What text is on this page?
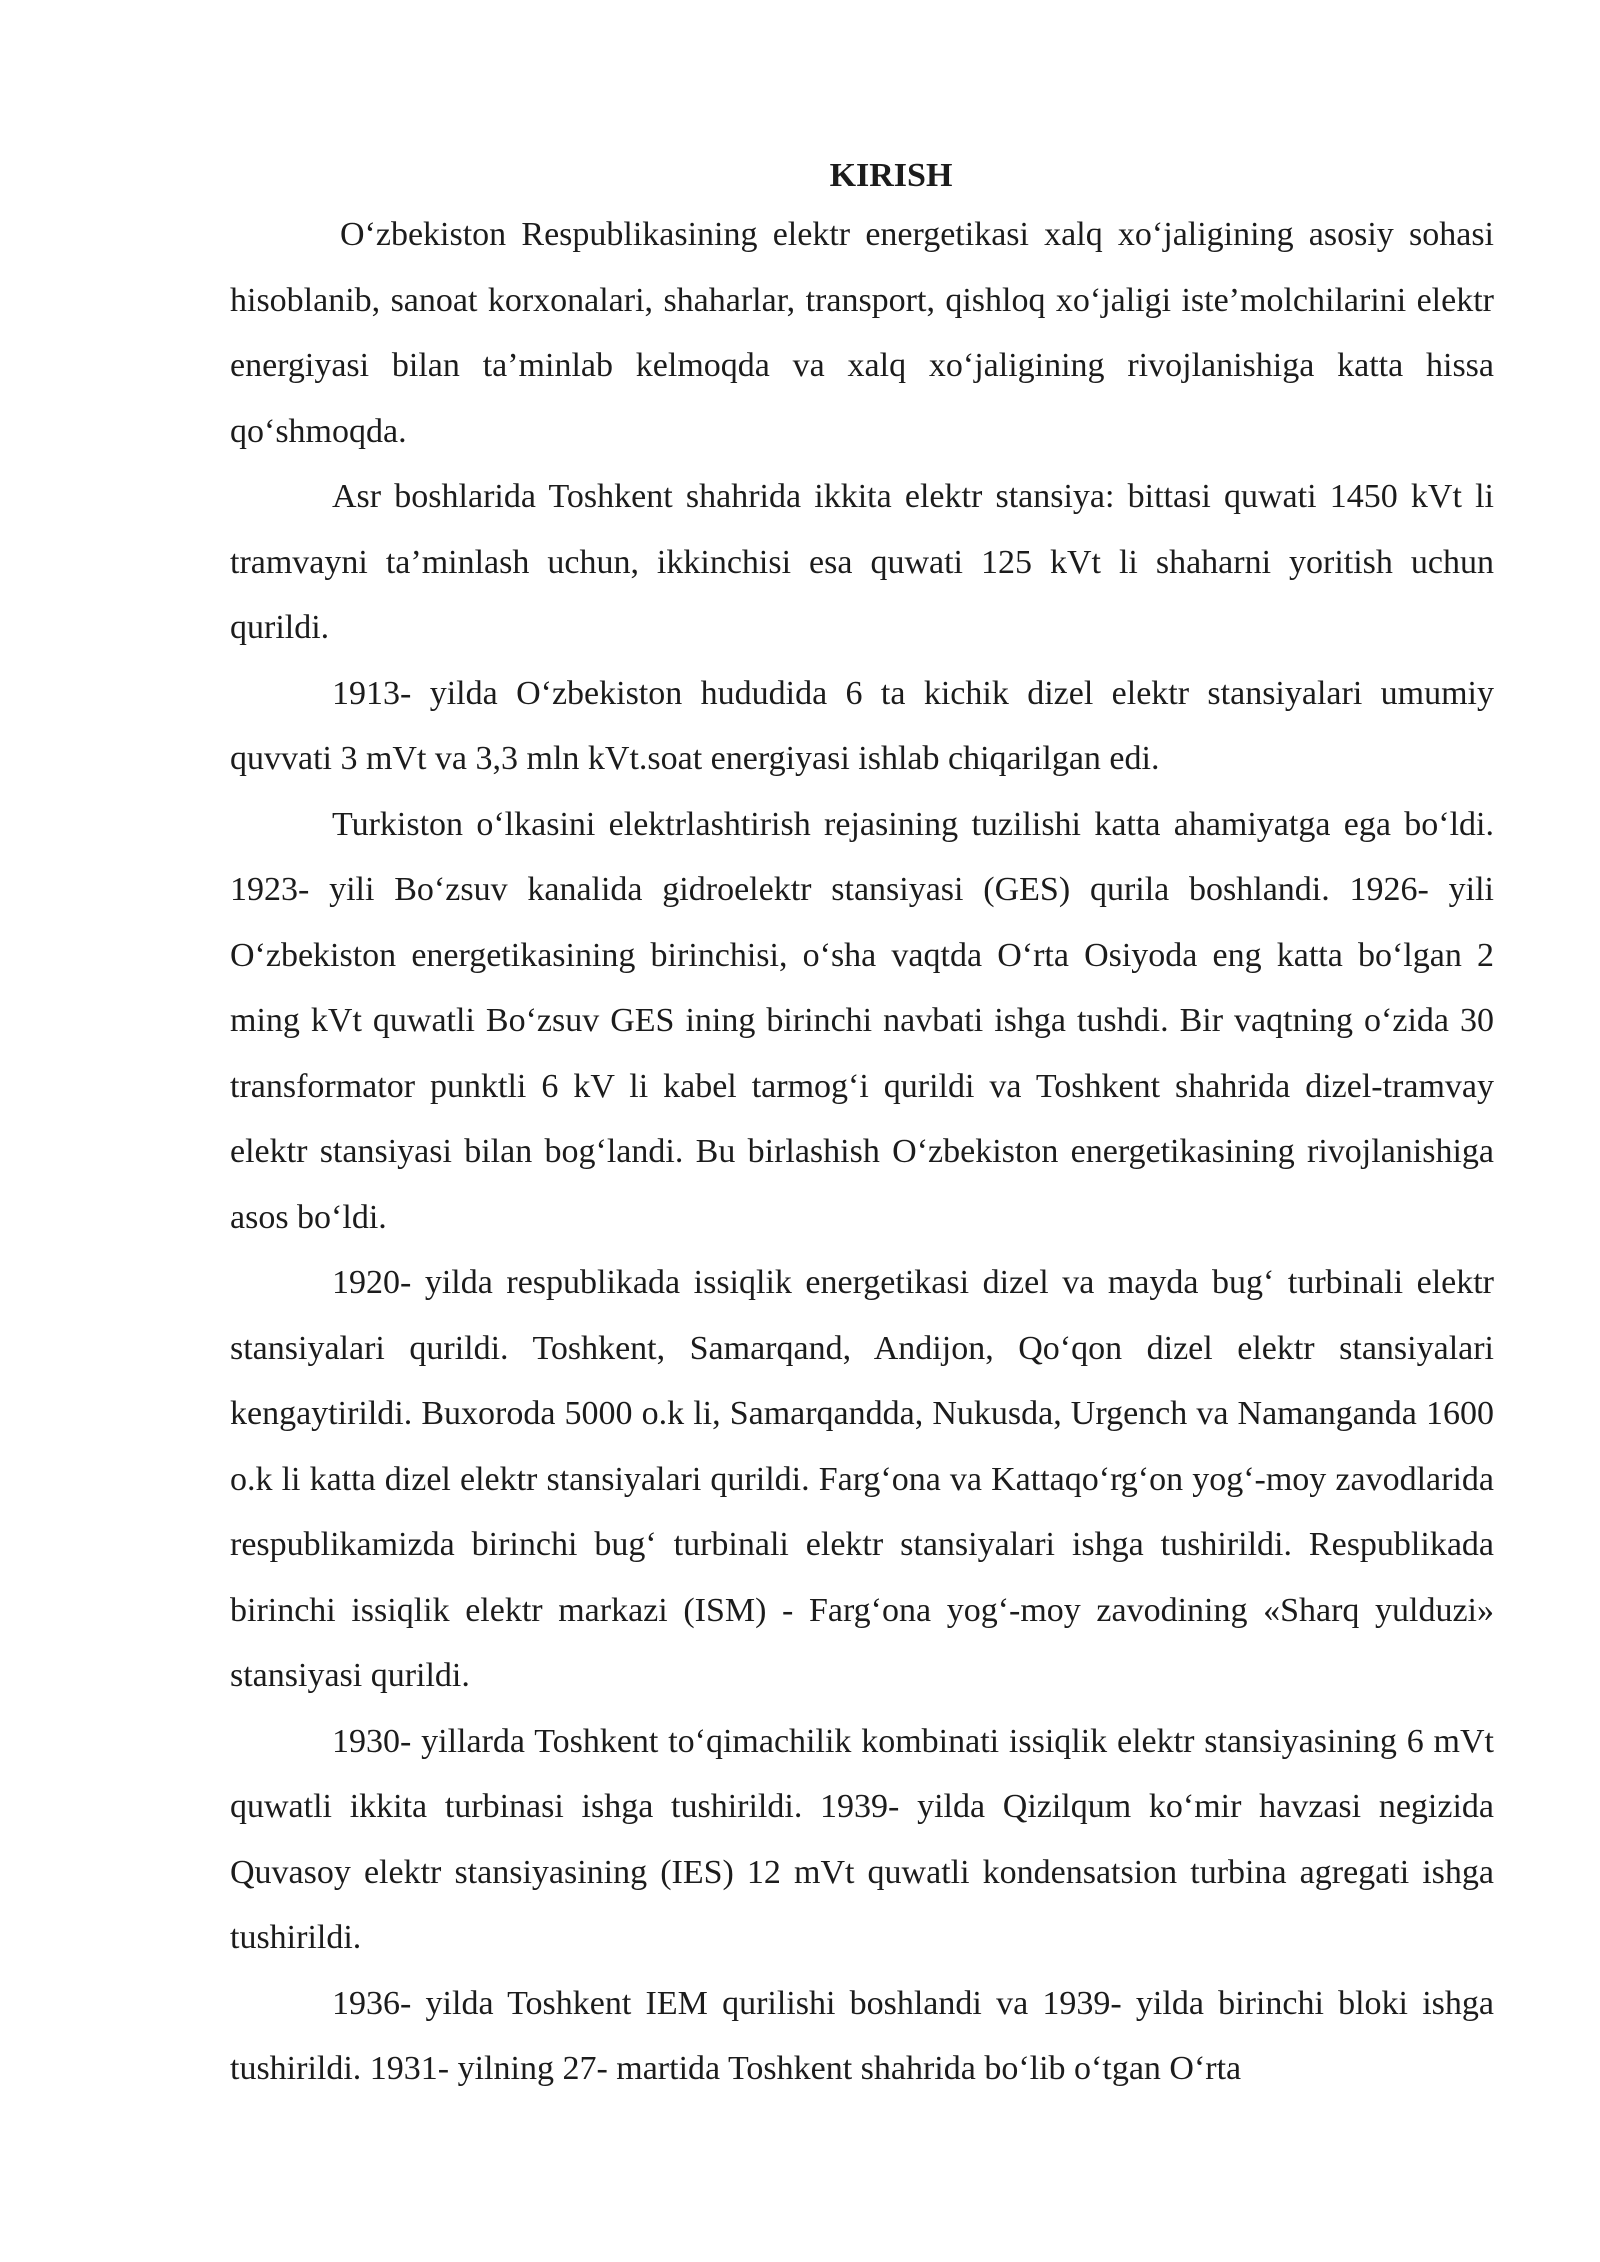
KIRISH

O‘zbekiston Respublikasining elektr energetikasi xalq xo‘jaligining asosiy sohasi hisoblanib, sanoat korxonalari, shaharlar, transport, qishloq xo‘jaligi iste’molchilarini elektr energiyasi bilan ta’minlab kelmoqda va xalq xo‘jaligining rivojlanishiga katta hissa qo‘shmoqda.

Asr boshlarida Toshkent shahrida ikkita elektr stansiya: bittasi quwati 1450 kVt li tramvayni ta’minlash uchun, ikkinchisi esa quwati 125 kVt li shaharni yoritish uchun qurildi.

1913- yilda O‘zbekiston hududida 6 ta kichik dizel elektr stansiyalari umumiy quvvati 3 mVt va 3,3 mln kVt.soat energiyasi ishlab chiqarilgan edi.

Turkiston o‘lkasini elektrlashtirish rejasining tuzilishi katta ahamiyatga ega bo‘ldi. 1923- yili Bo‘zsuv kanalida gidroelektr stansiyasi (GES) qurila boshlandi. 1926- yili O‘zbekiston energetikasining birinchisi, o‘sha vaqtda O‘rta Osiyoda eng katta bo‘lgan 2 ming kVt quwatli Bo‘zsuv GES ining birinchi navbati ishga tushdi. Bir vaqtning o‘zida 30 transformator punktli 6 kV li kabel tarmog‘i qurildi va Toshkent shahrida dizel-tramvay elektr stansiyasi bilan bog‘landi. Bu birlashish O‘zbekiston energetikasining rivojlanishiga asos bo‘ldi.

1920- yilda respublikada issiqlik energetikasi dizel va mayda bug‘ turbinali elektr stansiyalari qurildi. Toshkent, Samarqand, Andijon, Qo‘qon dizel elektr stansiyalari kengaytirildi. Buxoroda 5000 o.k li, Samarqandda, Nukusda, Urgench va Namanganda 1600 o.k li katta dizel elektr stansiyalari qurildi. Farg‘ona va Kattaqo‘rg‘on yog‘-moy zavodlarida respublikamizda birinchi bug‘ turbinali elektr stansiyalari ishga tushirildi. Respublikada birinchi issiqlik elektr markazi (ISM) - Farg‘ona yog‘-moy zavodining «Sharq yulduzi» stansiyasi qurildi.

1930- yillarda Toshkent to‘qimachilik kombinati issiqlik elektr stansiyasining 6 mVt quwatli ikkita turbinasi ishga tushirildi. 1939- yilda Qizilqum ko‘mir havzasi negizida Quvasoy elektr stansiyasining (IES) 12 mVt quwatli kondensatsion turbina agregati ishga tushirildi.

1936- yilda Toshkent IEM qurilishi boshlandi va 1939- yilda birinchi bloki ishga tushirildi. 1931- yilning 27- martida Toshkent shahrida bo‘lib o‘tgan O‘rta
